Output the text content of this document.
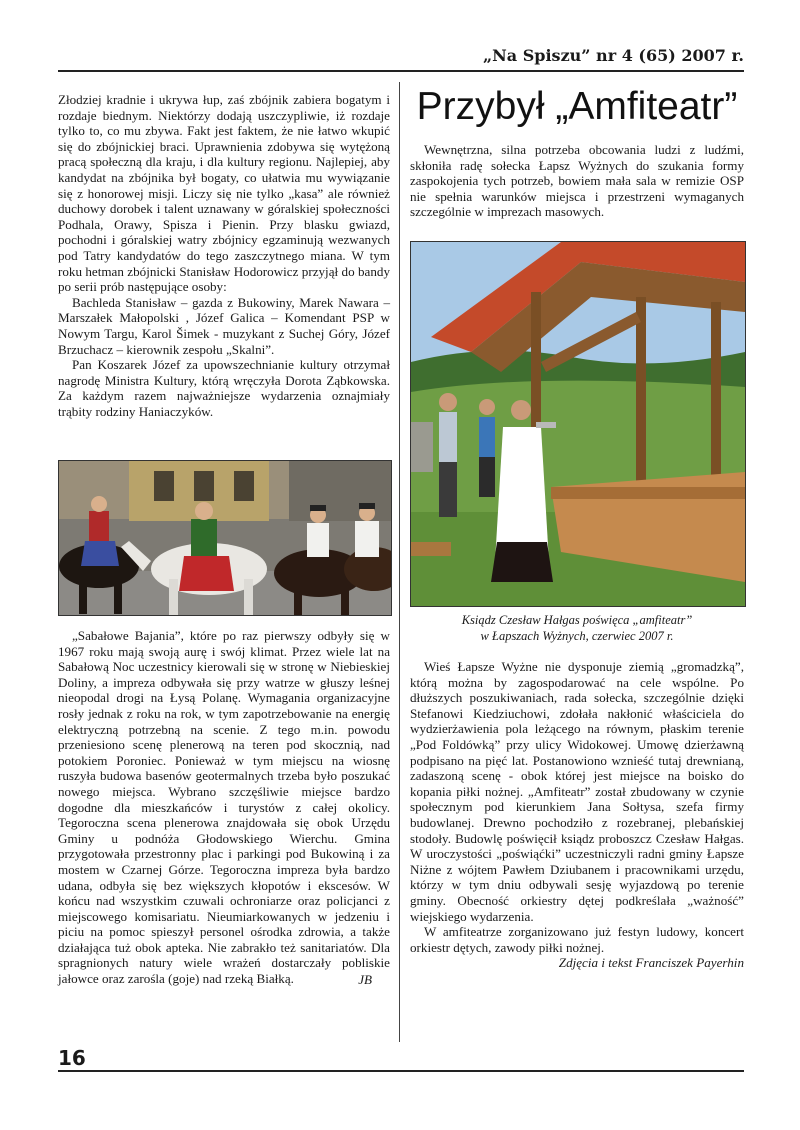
„Na Spiszu” nr 4 (65) 2007 r.

Złodziej kradnie i ukrywa łup, zaś zbójnik zabiera bogatym i rozdaje biednym. Niektórzy dodają uszczypliwie, iż rozdaje tylko to, co mu zbywa. Fakt jest faktem, że nie łatwo wkupić się do zbójnickiej braci. Uprawnienia zdobywa się wytężoną pracą społeczną dla kraju, i dla kultury regionu. Najlepiej, aby kandydat na zbójnika był bogaty, co ułatwia mu wywiązanie się z honorowej misji. Liczy się nie tylko „kasa” ale również duchowy dorobek i talent uznawany w góralskiej społeczności Podhala, Orawy, Spisza i Pienin. Przy blasku gwiazd, pochodni i góralskiej watry zbójnicy egzaminują wezwanych pod Tatry kandydatów do tego zaszczytnego miana. W tym roku hetman zbójnicki Stanisław Hodorowicz przyjął do bandy po serii prób następujące osoby:

Bachleda Stanisław – gazda z Bukowiny, Marek Nawara – Marszałek Małopolski , Józef Galica – Komendant PSP w Nowym Targu, Karol Šimek - muzykant z Suchej Góry, Józef Brzuchacz – kierownik zespołu „Skalni”.

Pan Koszarek Józef za upowszechnianie kultury otrzymał nagrodę Ministra Kultury, którą wręczyła Dorota Ząbkowska. Za każdym razem najważniejsze wydarzenia oznajmiały trąbity rodziny Haniaczyków.

„Sabałowe Bajania”, które po raz pierwszy odbyły się w 1967 roku mają swoją aurę i swój klimat. Przez wiele lat na Sabałową Noc uczestnicy kierowali się w stronę w Niebieskiej Doliny, a impreza odbywała się przy watrze w głuszy leśnej nieopodal drogi na Łysą Polanę. Wymagania organizacyjne rosły jednak z roku na rok, w tym zapotrzebowanie na energię elektryczną potrzebną na scenie. Z tego m.in. powodu przeniesiono scenę plenerową na teren pod skocznią, nad potokiem Poroniec. Ponieważ w tym miejscu na wiosnę ruszyła budowa basenów geotermalnych trzeba było poszukać nowego miejsca. Wybrano szczęśliwie miejsce bardzo dogodne dla mieszkańców i turystów z całej okolicy. Tegoroczna scena plenerowa znajdowała się obok Urzędu Gminy u podnóża Głodowskiego Wierchu. Gmina przygotowała przestronny plac i parkingi pod Bukowiną i za mostem w Czarnej Górze. Tegoroczna impreza była bardzo udana, odbyła się bez większych kłopotów i ekscesów. W końcu nad wszystkim czuwali ochroniarze oraz policjanci z miejscowego komisariatu. Nieumiarkowanych w jedzeniu i piciu na pomoc spieszył personel ośrodka zdrowia, a także działająca tuż obok apteka. Nie zabrakło też sanitariatów. Dla spragnionych natury wiele wrażeń dostarczały pobliskie jałowce oraz zarośla (goje) nad rzeką Białką.	JB
Przybył „Amfiteatr”

Wewnętrzna, silna potrzeba obcowania ludzi z ludźmi, skłoniła radę sołecka Łapsz Wyżnych do szukania formy zaspokojenia tych potrzeb, bowiem mała sala w remizie OSP nie spełnia warunków miejsca i przestrzeni wymaganych szczególnie w imprezach masowych.

Ksiądz Czesław Hałgas poświęca „amfiteatr”
w Łapszach Wyżnych, czerwiec 2007 r.

Wieś Łapsze Wyżne nie dysponuje ziemią „gromadzką”, którą można by zagospodarować na cele wspólne. Po dłuższych poszukiwaniach, rada sołecka, szczególnie dzięki Stefanowi Kiedziuchowi, zdołała nakłonić właściciela do wydzierżawienia pola leżącego na równym, płaskim terenie „Pod Foldówką” przy ulicy Widokowej. Umowę dzierżawną podpisano na pięć lat. Postanowiono wznieść tutaj drewnianą, zadaszoną scenę - obok której jest miejsce na boisko do kopania piłki nożnej. „Amfiteatr” został zbudowany w czynie społecznym pod kierunkiem Jana Sołtysa, szefa firmy budowlanej. Drewno pochodziło z rozebranej, plebańskiej stodoły. Budowlę poświęcił ksiądz proboszcz Czesław Hałgas. W uroczystości „poświąćki” uczestniczyli radni gminy Łapsze Niżne z wójtem Pawłem Dziubanem i pracownikami urzędu, którzy w tym dniu odbywali sesję wyjazdową po terenie gminy. Obecność orkiestry dętej podkreślała „ważność” wiejskiego wydarzenia.

W amfiteatrze zorganizowano już festyn ludowy, koncert orkiestr dętych, zawody piłki nożnej.

Zdjęcia i tekst Franciszek Payerhin
16
